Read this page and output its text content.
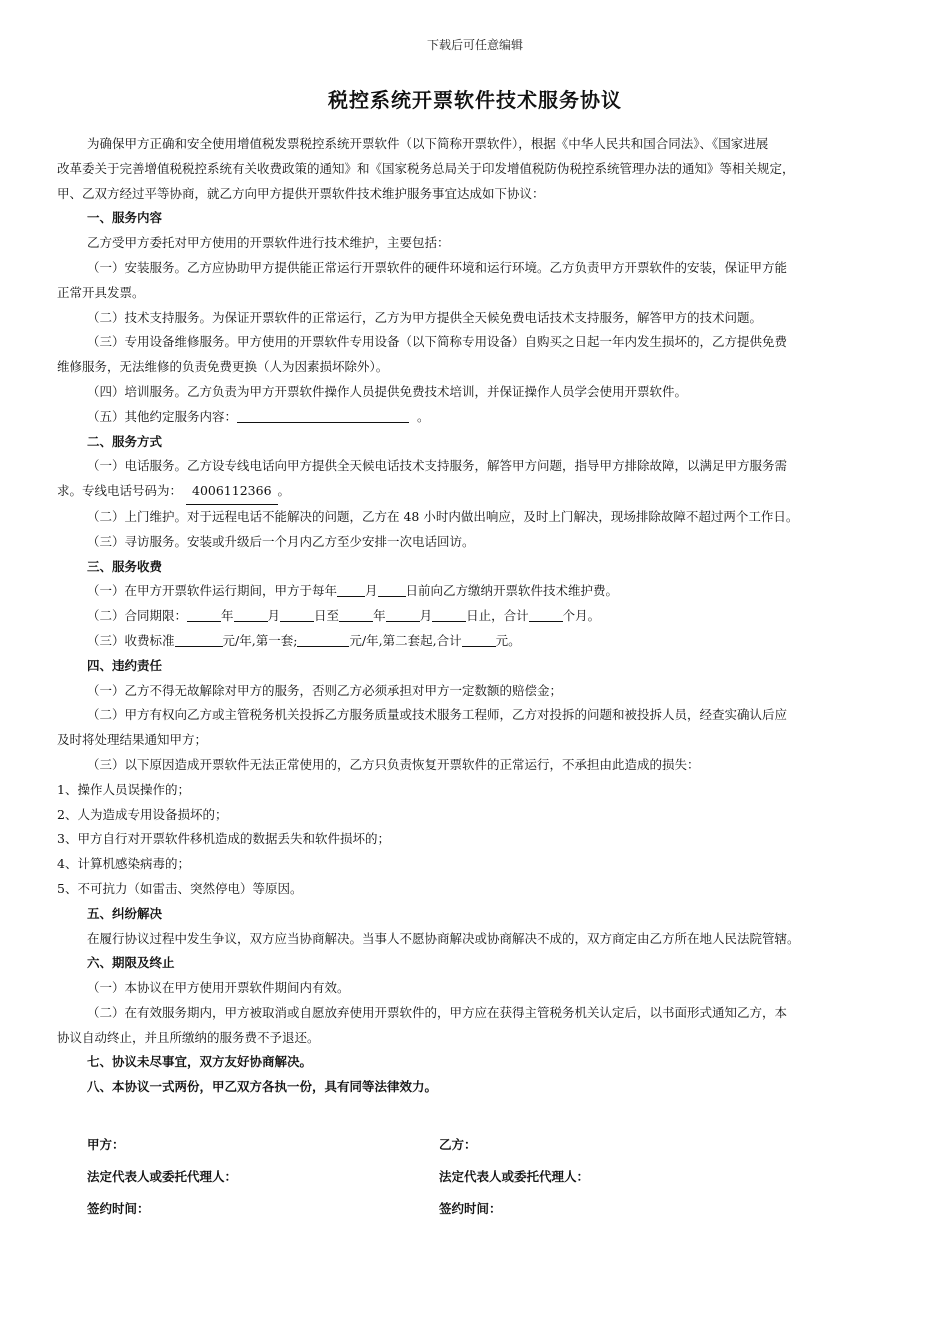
下载后可任意编辑
税控系统开票软件技术服务协议
为确保甲方正确和安全使用增值税发票税控系统开票软件（以下简称开票软件），根据《中华人民共和国合同法》、《国家进展
改革委关于完善增值税税控系统有关收费政策的通知》和《国家税务总局关于印发增值税防伪税控系统管理办法的通知》等相关规定，
甲、乙双方经过平等协商，就乙方向甲方提供开票软件技术维护服务事宜达成如下协议：
一、服务内容
乙方受甲方委托对甲方使用的开票软件进行技术维护，主要包括：
（一）安装服务。乙方应协助甲方提供能正常运行开票软件的硬件环境和运行环境。乙方负责甲方开票软件的安装，保证甲方能
正常开具发票。
（二）技术支持服务。为保证开票软件的正常运行，乙方为甲方提供全天候免费电话技术支持服务，解答甲方的技术问题。
（三）专用设备维修服务。甲方使用的开票软件专用设备（以下简称专用设备）自购买之日起一年内发生损坏的，乙方提供免费
维修服务，无法维修的负责免费更换（人为因素损坏除外）。
（四）培训服务。乙方负责为甲方开票软件操作人员提供免费技术培训，并保证操作人员学会使用开票软件。
（五）其他约定服务内容：	。
二、服务方式
（一）电话服务。乙方设专线电话向甲方提供全天候电话技术支持服务，解答甲方问题，指导甲方排除故障，以满足甲方服务需
求。专线电话号码为： 4006112366 。
（二）上门维护。对于远程电话不能解决的问题，乙方在 48 小时内做出响应，及时上门解决，现场排除故障不超过两个工作日。
（三）寻访服务。安装或升级后一个月内乙方至少安排一次电话回访。
三、服务收费
（一）在甲方开票软件运行期间，甲方于每年 月 日前向乙方缴纳开票软件技术维护费。
（二）合同期限：	年	月	日至	年	月	日止，合计	个月。
（三）收费标准	元/年,第一套;	元/年,第二套起,合计	元。
四、违约责任
（一）乙方不得无故解除对甲方的服务，否则乙方必须承担对甲方一定数额的赔偿金；
（二）甲方有权向乙方或主管税务机关投拆乙方服务质量或技术服务工程师，乙方对投拆的问题和被投拆人员，经查实确认后应
及时将处理结果通知甲方；
（三）以下原因造成开票软件无法正常使用的，乙方只负责恢复开票软件的正常运行，不承担由此造成的损失：
1、操作人员误操作的；
2、人为造成专用设备损坏的；
3、甲方自行对开票软件移机造成的数据丢失和软件损坏的；
4、计算机感染病毒的；
5、不可抗力（如雷击、突然停电）等原因。
五、纠纷解决
在履行协议过程中发生争议，双方应当协商解决。当事人不愿协商解决或协商解决不成的，双方商定由乙方所在地人民法院管辖。
六、期限及终止
（一）本协议在甲方使用开票软件期间内有效。
（二）在有效服务期内，甲方被取消或自愿放弃使用开票软件的，甲方应在获得主管税务机关认定后，以书面形式通知乙方，本
协议自动终止，并且所缴纳的服务费不予退还。
七、协议未尽事宜，双方友好协商解决。
八、本协议一式两份，甲乙双方各执一份，具有同等法律效力。
甲方：	乙方：
法定代表人或委托代理人：	法定代表人或委托代理人：
签约时间：	签约时间：
